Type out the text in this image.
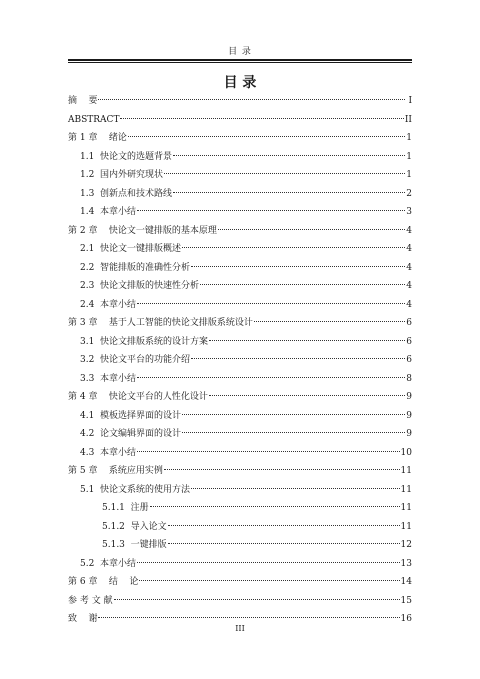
目 录
目 录
摘    要	I
ABSTRACT	II
第 1 章    绪论	1
1.1  快论文的选题背景	1
1.2  国内外研究现状	1
1.3  创新点和技术路线	2
1.4  本章小结	3
第 2 章    快论文一键排版的基本原理	4
2.1  快论文一键排版概述	4
2.2  智能排版的准确性分析	4
2.3  快论文排版的快速性分析	4
2.4  本章小结	4
第 3 章    基于人工智能的快论文排版系统设计	6
3.1  快论文排版系统的设计方案	6
3.2  快论文平台的功能介绍	6
3.3  本章小结	8
第 4 章    快论文平台的人性化设计	9
4.1  模板选择界面的设计	9
4.2  论文编辑界面的设计	9
4.3  本章小结	10
第 5 章    系统应用实例	11
5.1  快论文系统的使用方法	11
5.1.1  注册	11
5.1.2  导入论文	11
5.1.3  一键排版	12
5.2  本章小结	13
第 6 章    结    论	14
参 考 文 献	15
致    谢	16
III
